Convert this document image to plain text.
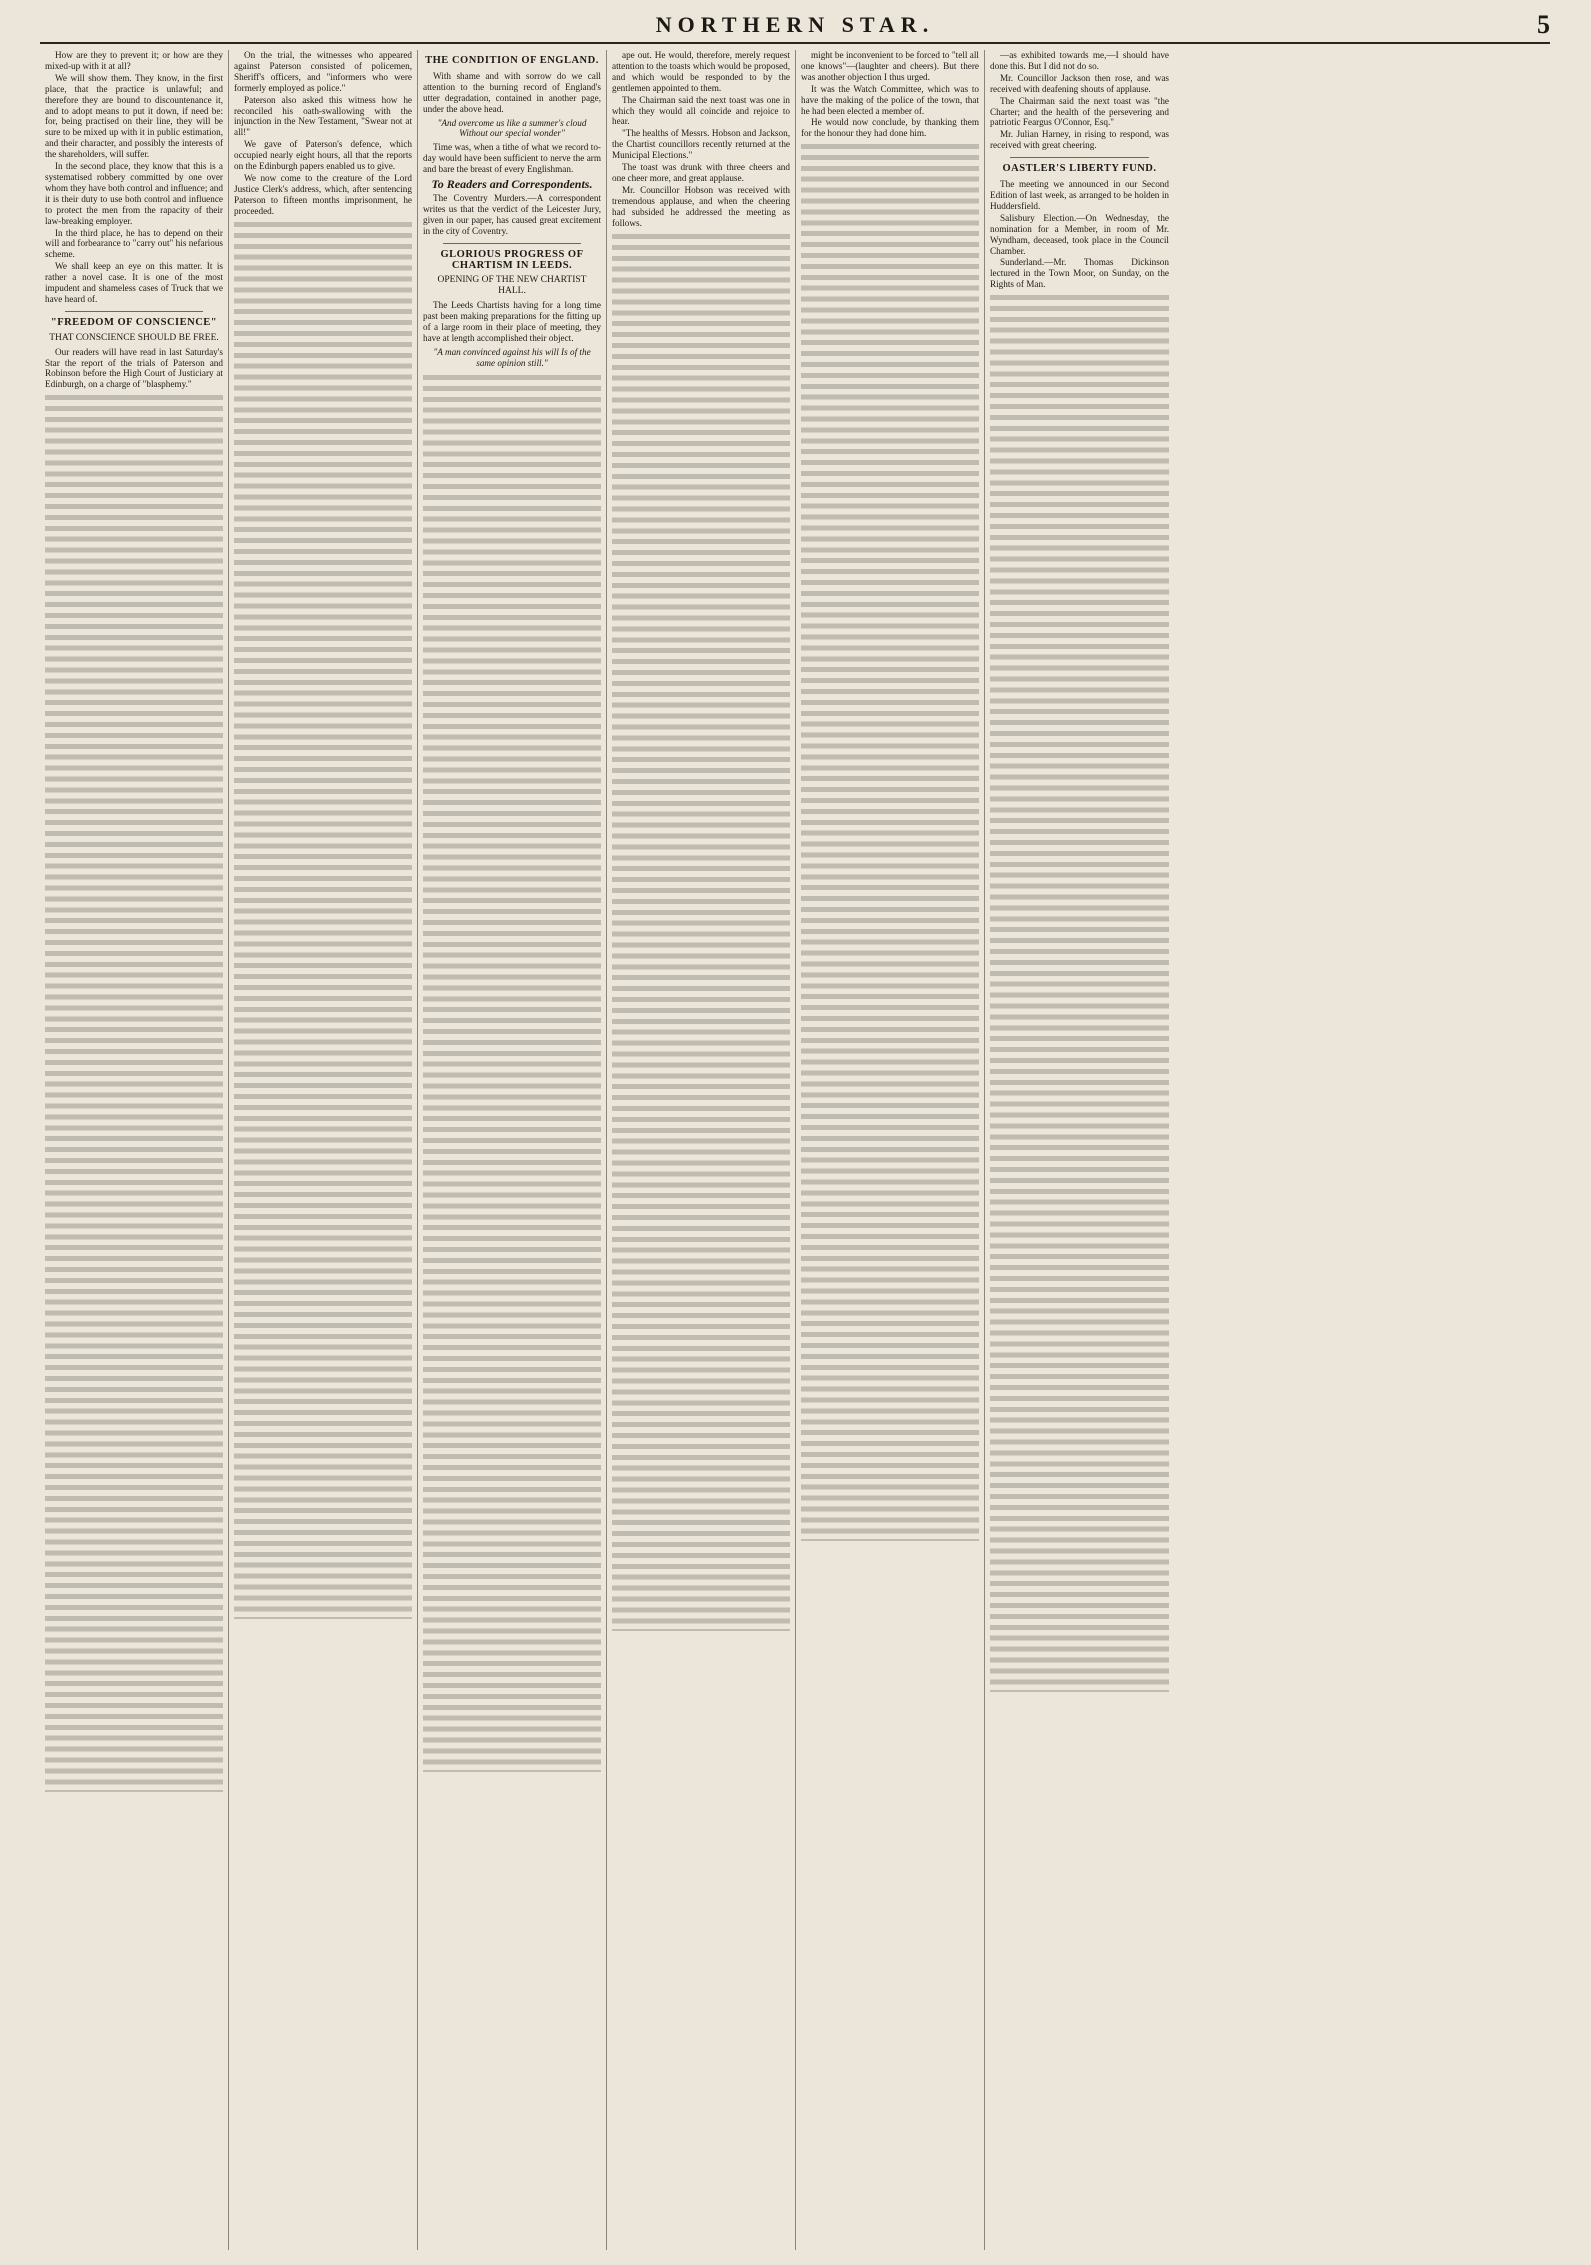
NORTHERN STAR.	5

How are they to prevent it; or how are they mixed-up with it at all?

We will show them. They know, in the first place, that the practice is unlawful; and therefore they are bound to discountenance it, and to adopt means to put it down, if need be: for, being practised on their line, they will be sure to be mixed up with it in public estimation, and their character, and possibly the interests of the shareholders, will suffer.

In the second place, they know that this is a systematised robbery committed by one over whom they have both control and influence; and it is their duty to use both control and influence to protect the men from the rapacity of their law-breaking employer.

In the third place, he has to depend on their will and forbearance to "carry out" his nefarious scheme.

We shall keep an eye on this matter. It is rather a novel case. It is one of the most impudent and shameless cases of Truck that we have heard of.

"FREEDOM OF CONSCIENCE"
THAT CONSCIENCE SHOULD BE FREE.

Our readers will have read in last Saturday's Star the report of the trials of Paterson and Robinson before the High Court of Justiciary at Edinburgh, on a charge of "blasphemy."

On the trial, the witnesses who appeared against Paterson consisted of policemen, Sheriff's officers, and "informers who were formerly employed as police."

Paterson also asked this witness how he reconciled his oath-swallowing with the injunction in the New Testament, "Swear not at all!"

We gave of Paterson's defence, which occupied nearly eight hours, all that the reports on the Edinburgh papers enabled us to give.

We now come to the creature of the Lord Justice Clerk's address, which, after sentencing Paterson to fifteen months imprisonment, he proceeded.

THE CONDITION OF ENGLAND.

With shame and with sorrow do we call attention to the burning record of England's utter degradation, contained in another page, under the above head.

"And overcome us like a summer's cloud Without our special wonder"

Time was, when a tithe of what we record to-day would have been sufficient to nerve the arm and bare the breast of every Englishman.

To Readers and Correspondents.

The Coventry Murders.—A correspondent writes us that the verdict of the Leicester Jury, given in our paper, has caused great excitement in the city of Coventry.

GLORIOUS PROGRESS OF CHARTISM IN LEEDS.
OPENING OF THE NEW CHARTIST HALL.

The Leeds Chartists having for a long time past been making preparations for the fitting up of a large room in their place of meeting, they have at length accomplished their object.

"A man convinced against his will Is of the same opinion still."

ape out. He would, therefore, merely request attention to the toasts which would be proposed, and which would be responded to by the gentlemen appointed to them.

The Chairman said the next toast was one in which they would all coincide and rejoice to hear.

"The healths of Messrs. Hobson and Jackson, the Chartist councillors recently returned at the Municipal Elections."

The toast was drunk with three cheers and one cheer more, and great applause.

Mr. Councillor Hobson was received with tremendous applause, and when the cheering had subsided he addressed the meeting as follows.

might be inconvenient to be forced to "tell all one knows"—(laughter and cheers). But there was another objection I thus urged.

It was the Watch Committee, which was to have the making of the police of the town, that he had been elected a member of.

He would now conclude, by thanking them for the honour they had done him.

—as exhibited towards me,—I should have done this. But I did not do so.

Mr. Councillor Jackson then rose, and was received with deafening shouts of applause.

The Chairman said the next toast was "the Charter; and the health of the persevering and patriotic Feargus O'Connor, Esq."

Mr. Julian Harney, in rising to respond, was received with great cheering.

OASTLER'S LIBERTY FUND.

The meeting we announced in our Second Edition of last week, as arranged to be holden in Huddersfield.

Salisbury Election.—On Wednesday, the nomination for a Member, in room of Mr. Wyndham, deceased, took place in the Council Chamber.

Sunderland.—Mr. Thomas Dickinson lectured in the Town Moor, on Sunday, on the Rights of Man.
